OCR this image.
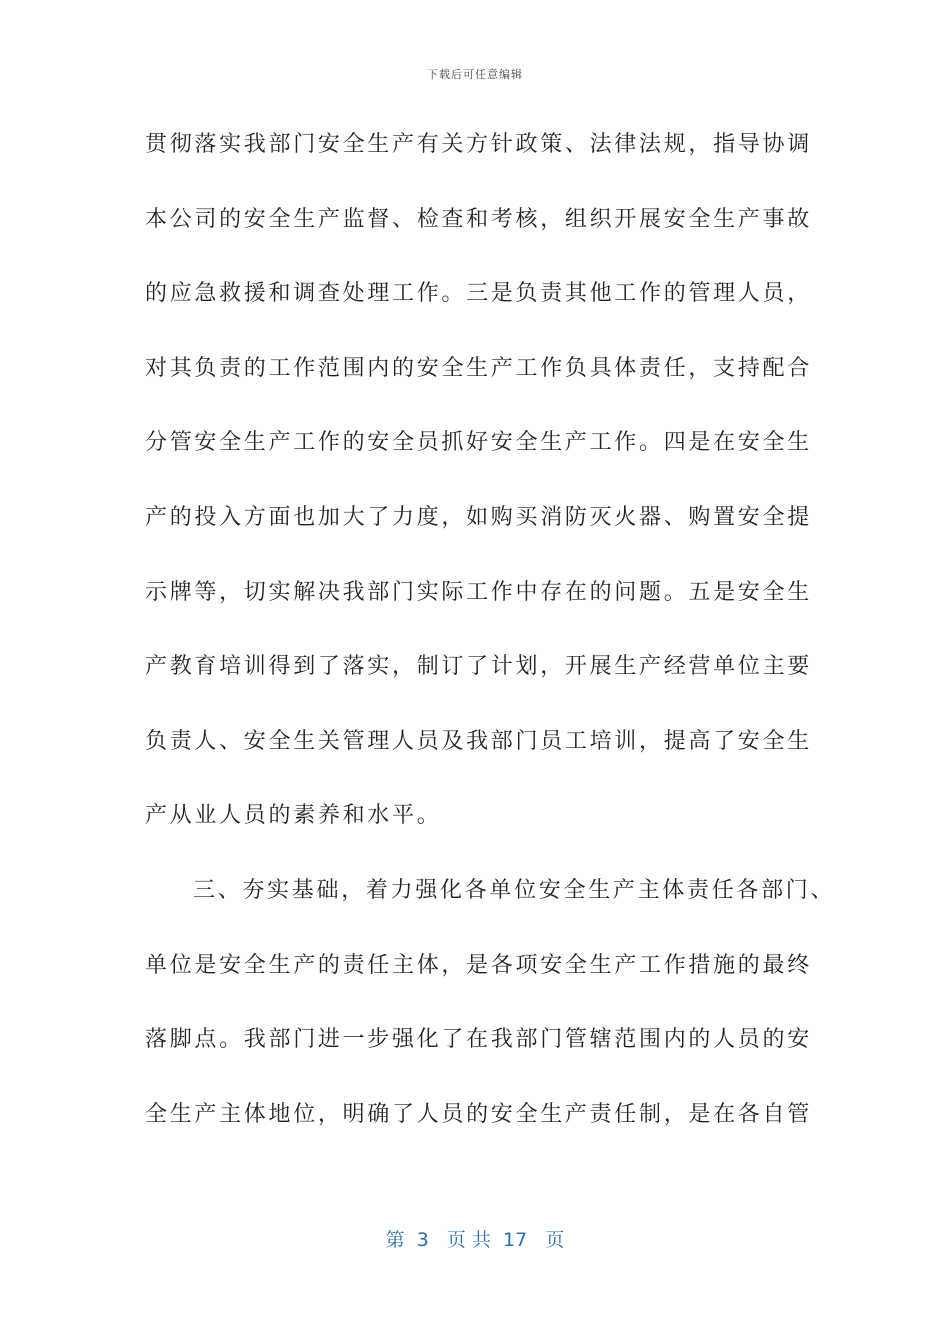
下载后可任意编辑
贯彻落实我部门安全生产有关方针政策、法律法规，指导协调
本公司的安全生产监督、检查和考核，组织开展安全生产事故
的应急救援和调查处理工作。三是负责其他工作的管理人员，
对其负责的工作范围内的安全生产工作负具体责任，支持配合
分管安全生产工作的安全员抓好安全生产工作。四是在安全生
产的投入方面也加大了力度，如购买消防灭火器、购置安全提
示牌等，切实解决我部门实际工作中存在的问题。五是安全生
产教育培训得到了落实，制订了计划，开展生产经营单位主要
负责人、安全生关管理人员及我部门员工培训，提高了安全生
产从业人员的素养和水平。
三、夯实基础，着力强化各单位安全生产主体责任各部门、
单位是安全生产的责任主体，是各项安全生产工作措施的最终
落脚点。我部门进一步强化了在我部门管辖范围内的人员的安
全生产主体地位，明确了人员的安全生产责任制，是在各自管
第  3   页 共  17   页
